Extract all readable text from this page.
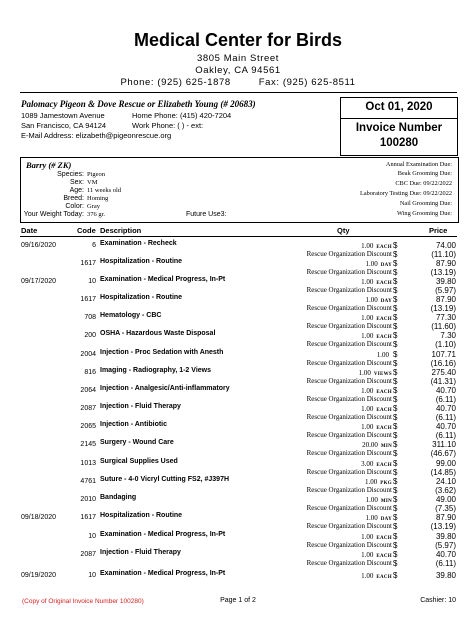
Medical Center for Birds
3805 Main Street
Oakley, CA 94561
Phone: (925) 625-1878	Fax: (925) 625-8511
Palomacy Pigeon & Dove Rescue or Elizabeth Young (# 20683)
1089 Jamestown Avenue	Home Phone: (415) 420-7204
San Francisco, CA 94124	Work Phone: ( ) - ext:
E-Mail Address: elizabeth@pigeonrescue.org
Oct 01, 2020
Invoice Number
100280
Barry (# ZK)
Species: Pigeon
Sex: VM
Age: 11 weeks old
Breed: Homing
Color: Gray
Your Weight Today: 376 gr.	Future Use3:
Annual Examination Due:
Beak Grooming Due:
CBC Due: 09/22/2022
Laboratory Testing Due: 09/22/2022
Nail Grooming Due:
Wing Grooming Due:
Date	Code Description	Qty	Price
09/16/2020	6 Examination - Recheck	1.00 EACH $	74.00
Rescue Organization Discount $	(11.10)
1617 Hospitalization - Routine	1.00 DAY $	87.90
Rescue Organization Discount $	(13.19)
09/17/2020	10 Examination - Medical Progress, In-Pt	1.00 EACH $	39.80
Rescue Organization Discount $	(5.97)
1617 Hospitalization - Routine	1.00 DAY $	87.90
Rescue Organization Discount $	(13.19)
708 Hematology - CBC	1.00 EACH $	77.30
Rescue Organization Discount $	(11.60)
200 OSHA - Hazardous Waste Disposal	1.00 EACH $	7.30
Rescue Organization Discount $	(1.10)
2004 Injection - Proc Sedation with Anesth	1.00 $	107.71
Rescue Organization Discount $	(16.16)
816 Imaging - Radiography, 1-2 Views	1.00 VIEWS $	275.40
Rescue Organization Discount $	(41.31)
2064 Injection - Analgesic/Anti-inflammatory	1.00 EACH $	40.70
Rescue Organization Discount $	(6.11)
2087 Injection - Fluid Therapy	1.00 EACH $	40.70
Rescue Organization Discount $	(6.11)
2065 Injection - Antibiotic	1.00 EACH $	40.70
Rescue Organization Discount $	(6.11)
2145 Surgery - Wound Care	20.00 MIN $	311.10
Rescue Organization Discount $	(46.67)
1013 Surgical Supplies Used	3.00 EACH $	99.00
Rescue Organization Discount $	(14.85)
4761 Suture - 4-0 Vicryl Cutting FS2, #J397H	1.00 PKG $	24.10
Rescue Organization Discount $	(3.62)
2010 Bandaging	1.00 MIN $	49.00
Rescue Organization Discount $	(7.35)
09/18/2020	1617 Hospitalization - Routine	1.00 DAY $	87.90
Rescue Organization Discount $	(13.19)
10 Examination - Medical Progress, In-Pt	1.00 EACH $	39.80
Rescue Organization Discount $	(5.97)
2087 Injection - Fluid Therapy	1.00 EACH $	40.70
Rescue Organization Discount $	(6.11)
09/19/2020	10 Examination - Medical Progress, In-Pt	1.00 EACH $	39.80
(Copy of Original Invoice Number 100280)	Page 1 of 2	Cashier: 10
